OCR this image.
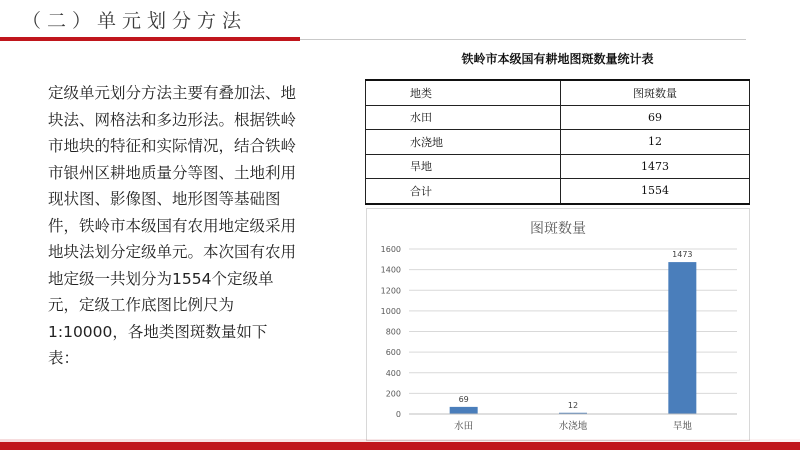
（二）单元划分方法
定级单元划分方法主要有叠加法、地块法、网格法和多边形法。根据铁岭市地块的特征和实际情况，结合铁岭市银州区耕地质量分等图、土地利用现状图、影像图、地形图等基础图件，铁岭市本级国有农用地定级采用地块法划分定级单元。本次国有农用地定级一共划分为1554个定级单元，定级工作底图比例尺为1:10000，各地类图斑数量如下表：
铁岭市本级国有耕地图斑数量统计表
地类	图斑数量
水田	69
水浇地	12
旱地	1473
合计	1554
图斑数量
0
200
400
600
800
1000
1200
1400
1600
69
水田
12
水浇地
1473
旱地
